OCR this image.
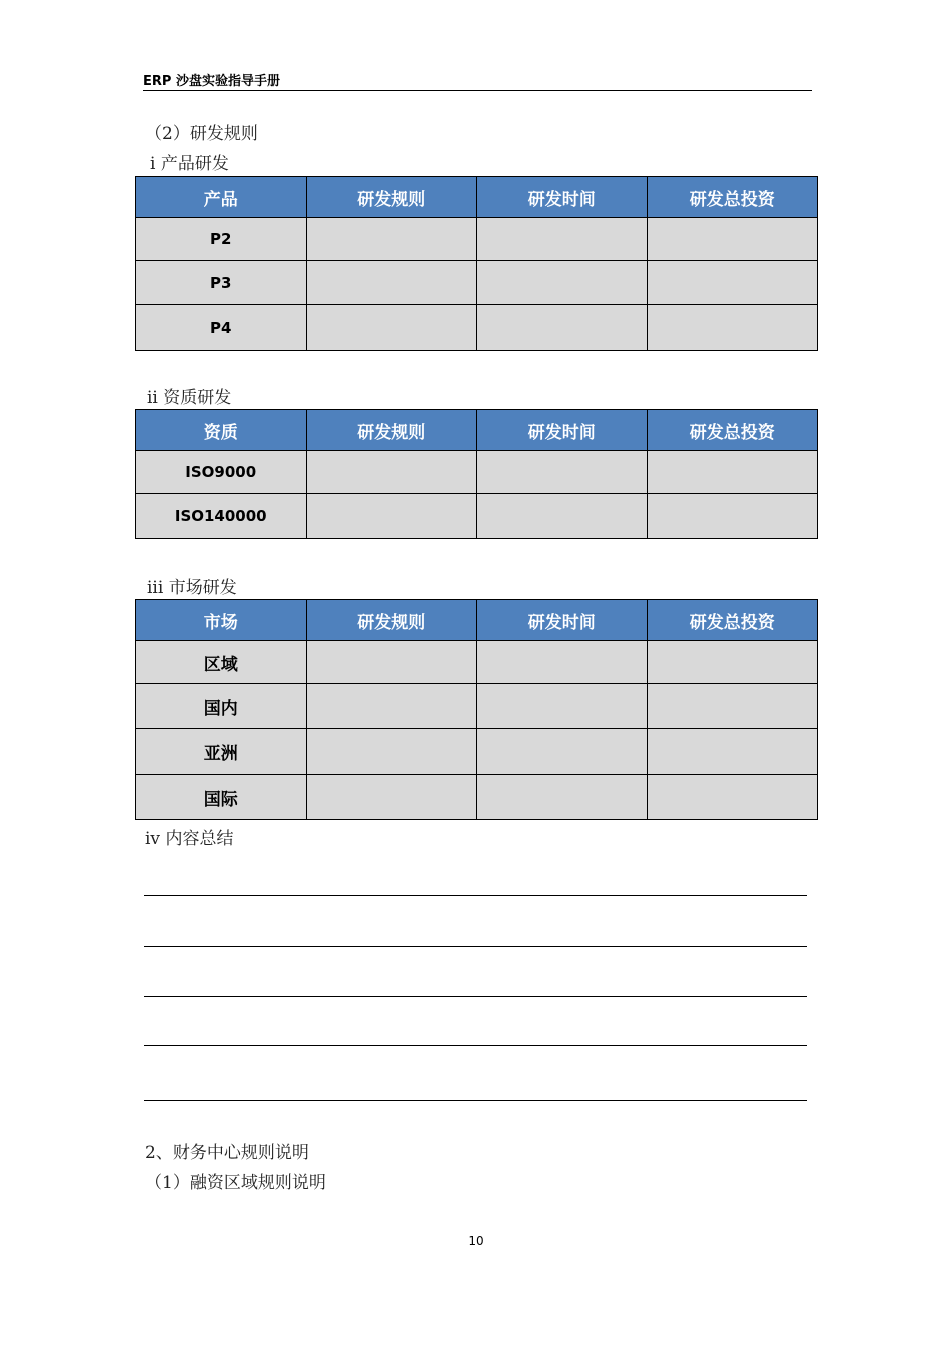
ERP 沙盘实验指导手册
（2）研发规则
i 产品研发
产品	研发规则	研发时间	研发总投资
P2			
P3			
P4			
ii 资质研发
资质	研发规则	研发时间	研发总投资
ISO9000			
ISO140000			
iii 市场研发
市场	研发规则	研发时间	研发总投资
区域			
国内			
亚洲			
国际			
iv 内容总结
2、财务中心规则说明
（1）融资区域规则说明
10
